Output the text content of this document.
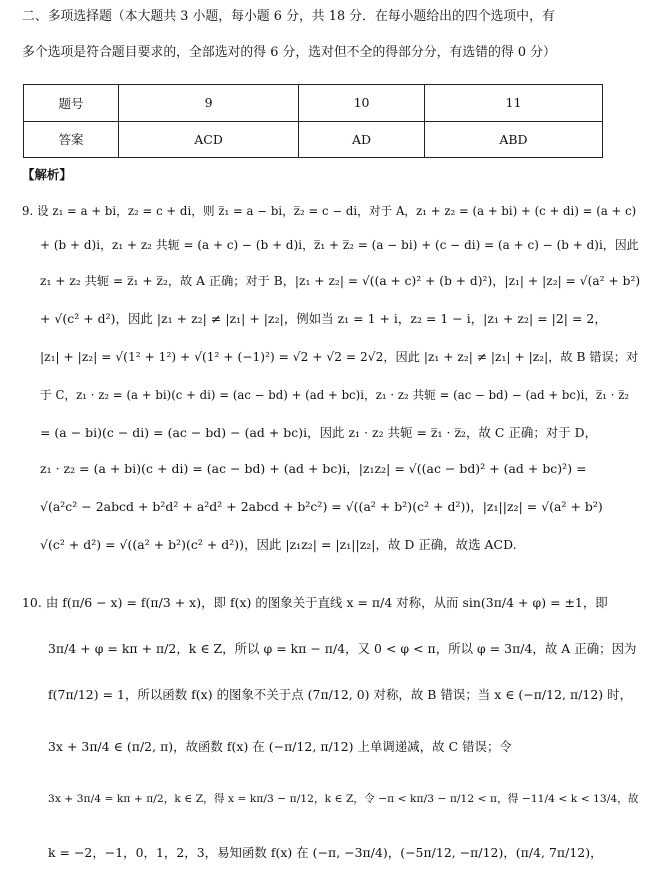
二、多项选择题（本大题共 3 小题，每小题 6 分，共 18 分．在每小题给出的四个选项中，有
多个选项是符合题目要求的，全部选对的得 6 分，选对但不全的得部分分，有选错的得 0 分）
题号	9	10	11
答案	ACD	AD	ABD
【解析】
9. 设 z₁ = a + bi，z₂ = c + di，则 z̅₁ = a − bi，z̅₂ = c − di，对于 A，z₁ + z₂ = (a + bi) + (c + di) = (a + c)
+ (b + d)i，z₁ + z₂ 共轭 = (a + c) − (b + d)i，z̅₁ + z̅₂ = (a − bi) + (c − di) = (a + c) − (b + d)i，因此
z₁ + z₂ 共轭 = z̅₁ + z̅₂，故 A 正确；对于 B，|z₁ + z₂| = √((a + c)² + (b + d)²)，|z₁| + |z₂| = √(a² + b²)
+ √(c² + d²)，因此 |z₁ + z₂| ≠ |z₁| + |z₂|，例如当 z₁ = 1 + i，z₂ = 1 − i，|z₁ + z₂| = |2| = 2，
|z₁| + |z₂| = √(1² + 1²) + √(1² + (−1)²) = √2 + √2 = 2√2，因此 |z₁ + z₂| ≠ |z₁| + |z₂|，故 B 错误；对
于 C，z₁ · z₂ = (a + bi)(c + di) = (ac − bd) + (ad + bc)i，z₁ · z₂ 共轭 = (ac − bd) − (ad + bc)i，z̅₁ · z̅₂
= (a − bi)(c − di) = (ac − bd) − (ad + bc)i，因此 z₁ · z₂ 共轭 = z̅₁ · z̅₂，故 C 正确；对于 D，
z₁ · z₂ = (a + bi)(c + di) = (ac − bd) + (ad + bc)i，|z₁z₂| = √((ac − bd)² + (ad + bc)²) =
√(a²c² − 2abcd + b²d² + a²d² + 2abcd + b²c²) = √((a² + b²)(c² + d²))，|z₁||z₂| = √(a² + b²)
√(c² + d²) = √((a² + b²)(c² + d²))，因此 |z₁z₂| = |z₁||z₂|，故 D 正确，故选 ACD.
10. 由 f(π/6 − x) = f(π/3 + x)，即 f(x) 的图象关于直线 x = π/4 对称，从而 sin(3π/4 + φ) = ±1，即
3π/4 + φ = kπ + π/2，k ∈ Z，所以 φ = kπ − π/4，又 0 < φ < π，所以 φ = 3π/4，故 A 正确；因为
f(7π/12) = 1，所以函数 f(x) 的图象不关于点 (7π/12, 0) 对称，故 B 错误；当 x ∈ (−π/12, π/12) 时，
3x + 3π/4 ∈ (π/2, π)，故函数 f(x) 在 (−π/12, π/12) 上单调递减，故 C 错误；令
3x + 3π/4 = kπ + π/2，k ∈ Z，得 x = kπ/3 − π/12，k ∈ Z，令 −π < kπ/3 − π/12 < π，得 −11/4 < k < 13/4，故
k = −2，−1，0，1，2，3，易知函数 f(x) 在 (−π, −3π/4)，(−5π/12, −π/12)，(π/4, 7π/12)，
